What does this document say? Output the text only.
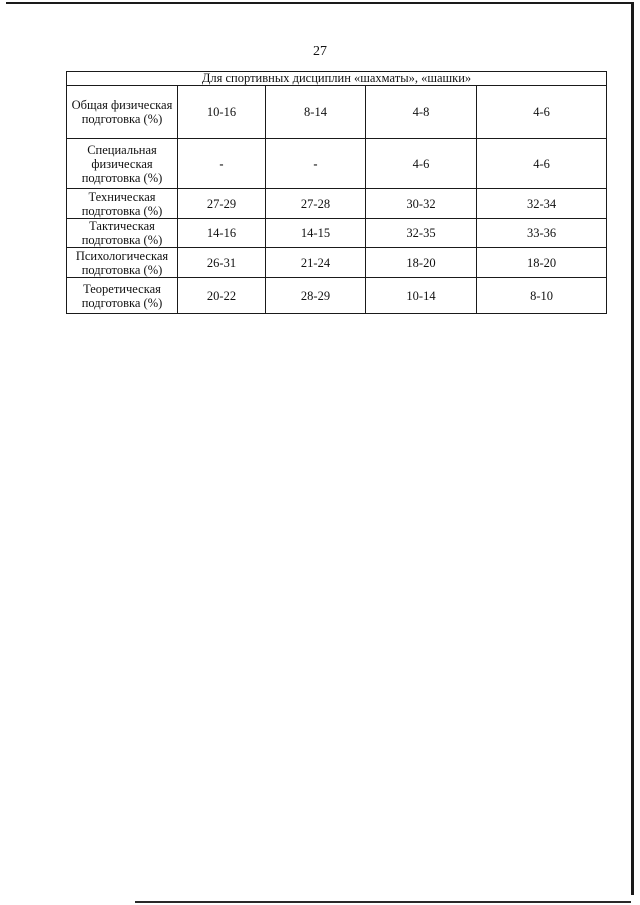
27
Для спортивных дисциплин «шахматы», «шашки»				
Общая физическая подготовка (%)	10-16	8-14	4-8	4-6
Специальная физическая подготовка (%)	-	-	4-6	4-6
Техническая подготовка (%)	27-29	27-28	30-32	32-34
Тактическая подготовка (%)	14-16	14-15	32-35	33-36
Психологическая подготовка (%)	26-31	21-24	18-20	18-20
Теоретическая подготовка (%)	20-22	28-29	10-14	8-10
